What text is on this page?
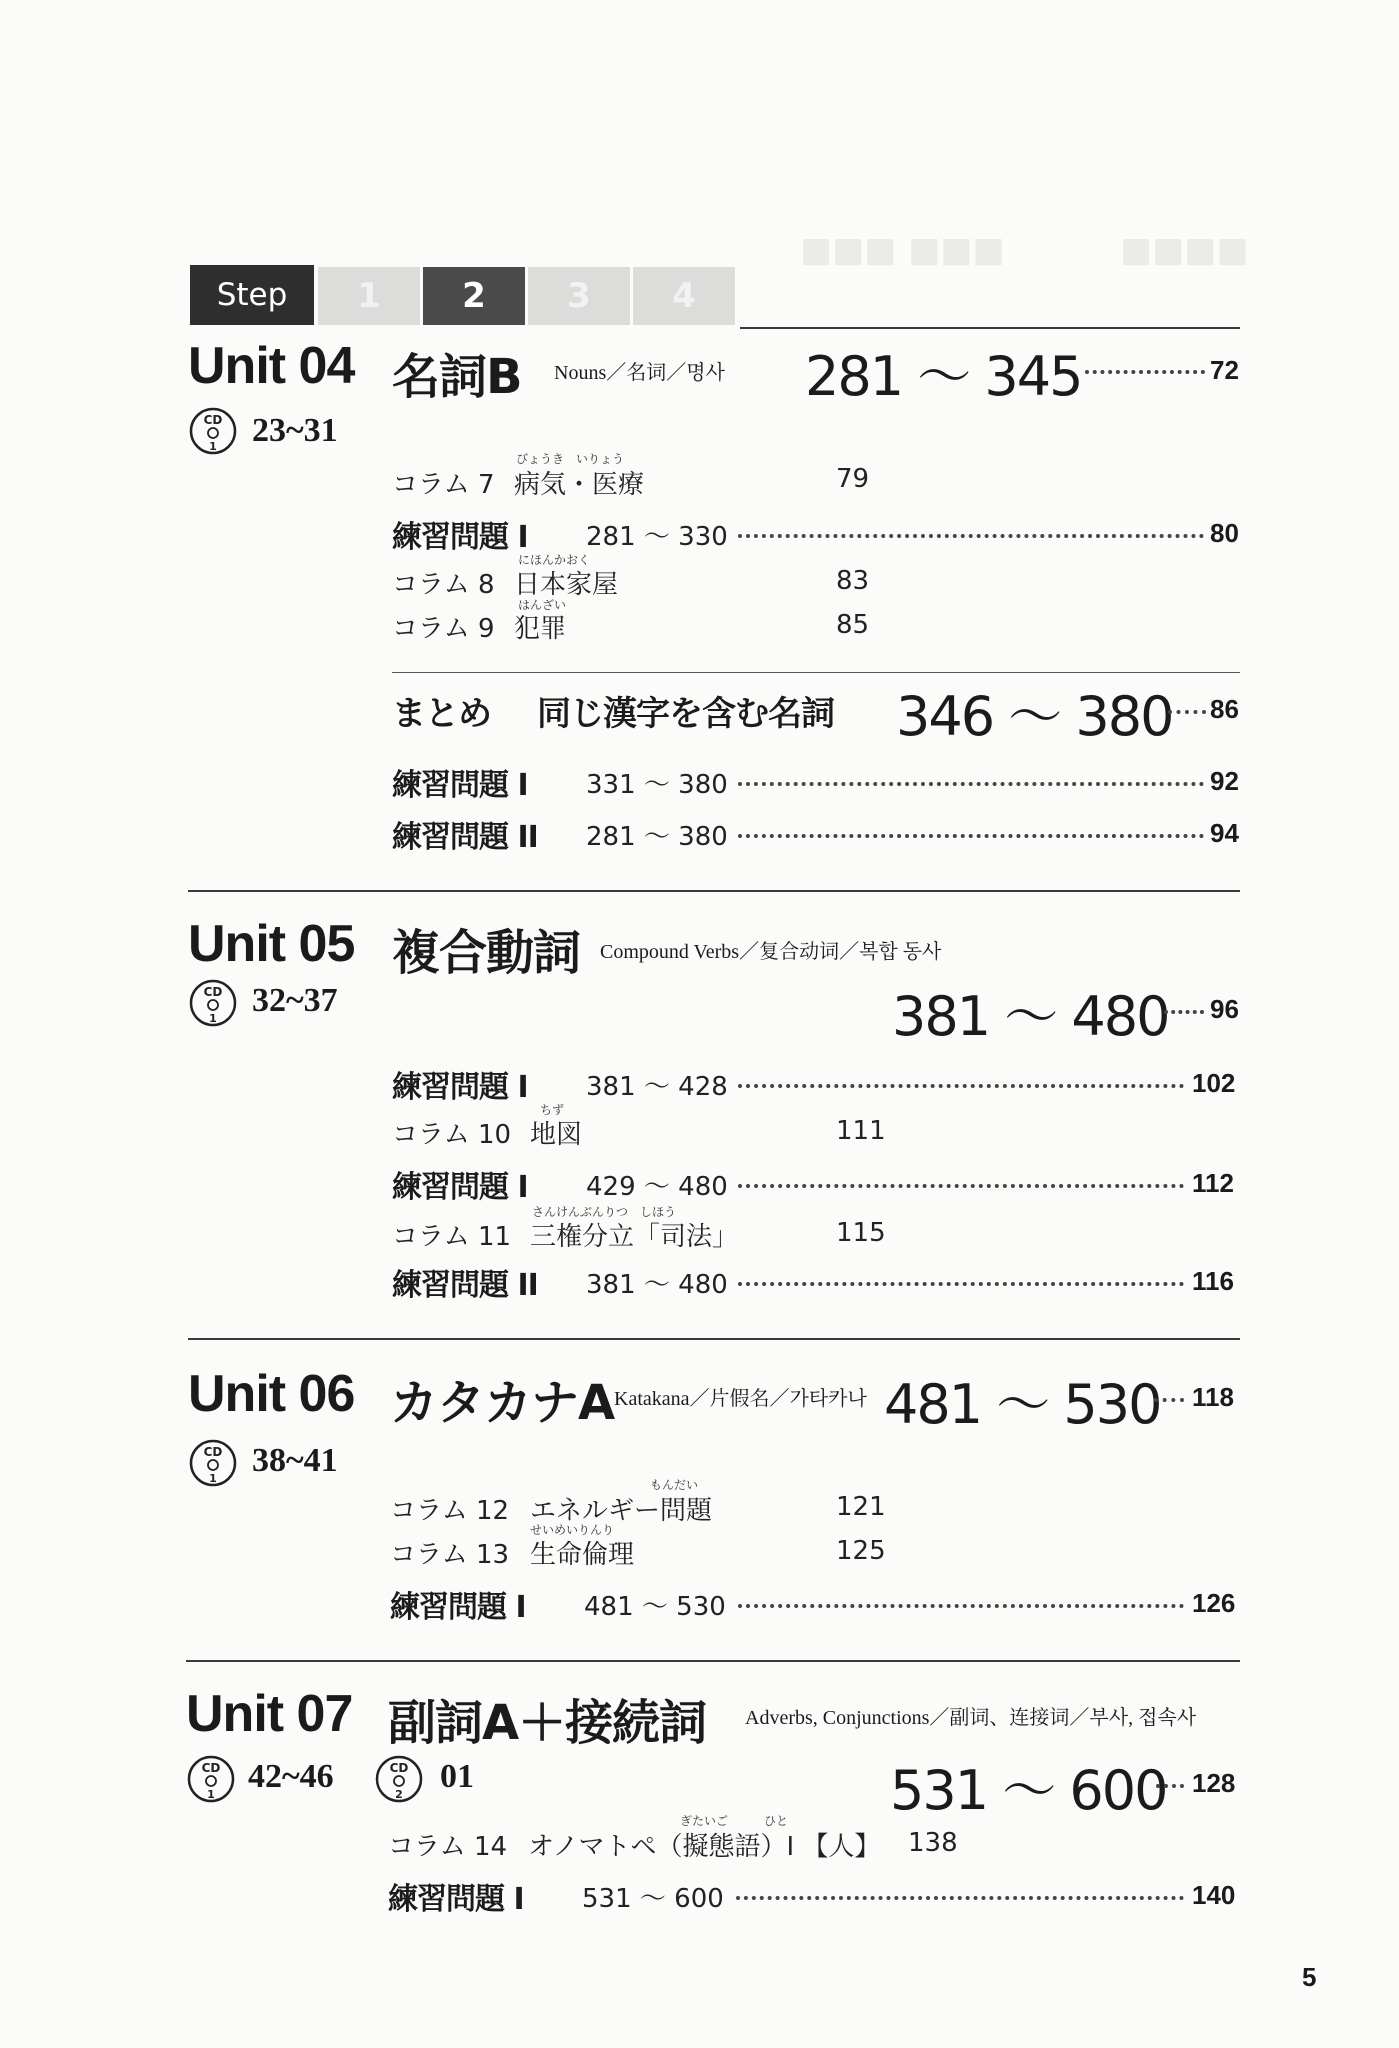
■■■ ■■■	■■■■
Step	1	2	3	4
Unit 04 名詞B Nouns／名词／명사 281 〜 345	72
CD
1 23~31
コラム 7
びょうき　いりょう
病気・医療	79
練習問題 I 281 〜 330	80
コラム 8
にほんかおく
日本家屋	83
コラム 9
はんざい
犯罪	85
まとめ 同じ漢字を含む名詞 346 〜 380 86
練習問題 I 331 〜 380	92
練習問題 II 281 〜 380	94
Unit 05 複合動詞 Compound Verbs／复合动词／복합 동사
CD
1 32~37	381 〜 480 96
練習問題 I 381 〜 428	102
コラム 10
ちず
地図	111
練習問題 I 429 〜 480	112
コラム 11
さんけんぶんりつ　しほう
三権分立「司法」	115
練習問題 II 381 〜 480	116
Unit 06 カタカナA Katakana／片假名／가타카나 481 〜 530 118
CD
1 38~41
コラム 12
もんだい
エネルギー問題	121
コラム 13
せいめいりんり
生命倫理	125
練習問題 I 481 〜 530	126
Unit 07 副詞A＋接続詞 Adverbs, Conjunctions／副词、连接词／부사, 접속사
CD
1 42~46	CD
2 01	531 〜 600 128
コラム 14
ぎたいご　　　ひと
オノマトペ（擬態語）I 【人】 138
練習問題 I 531 〜 600	140
5
